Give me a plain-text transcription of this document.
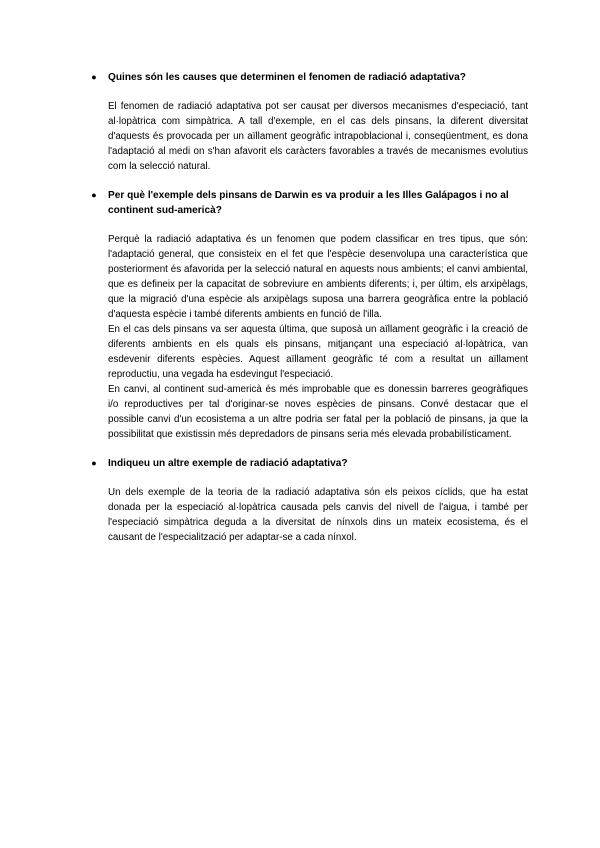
●	Quines són les causes que determinen el fenomen de radiació adaptativa?

El fenomen de radiació adaptativa pot ser causat per diversos mecanismes d'especiació, tant al·lopàtrica com simpàtrica. A tall d'exemple, en el cas dels pinsans, la diferent diversitat d'aquests és provocada per un aïllament geogràfic intrapoblacional i, conseqüentment, es dona l'adaptació al medi on s'han afavorit els caràcters favorables a través de mecanismes evolutius com la selecció natural.

●	Per què l'exemple dels pinsans de Darwin es va produir a les Illes Galápagos i no al continent sud-americà?

Perquè la radiació adaptativa és un fenomen que podem classificar en tres tipus, que són: l'adaptació general, que consisteix en el fet que l'espècie desenvolupa una característica que posteriorment és afavorida per la selecció natural en aquests nous ambients; el canvi ambiental, que es defineix per la capacitat de sobreviure en ambients diferents; i, per últim, els arxipèlags, que la migració d'una espècie als arxipèlags suposa una barrera geogràfica entre la població d'aquesta espècie i també diferents ambients en funció de l'illa.

En el cas dels pinsans va ser aquesta última, que suposà un aïllament geogràfic i la creació de diferents ambients en els quals els pinsans, mitjançant una especiació al·lopàtrica, van esdevenir diferents espècies. Aquest aïllament geogràfic té com a resultat un aïllament reproductiu, una vegada ha esdevingut l'especiació.

En canvi, al continent sud-americà és més improbable que es donessin barreres geogràfiques i/o reproductives per tal d'originar-se noves espècies de pinsans. Convé destacar que el possible canvi d'un ecosistema a un altre podria ser fatal per la població de pinsans, ja que la possibilitat que existissin més depredadors de pinsans seria més elevada probabilísticament.

●	Indiqueu un altre exemple de radiació adaptativa?

Un dels exemple de la teoria de la radiació adaptativa són els peixos cíclids, que ha estat donada per la especiació al·lopàtrica causada pels canvis del nivell de l'aigua, i també per l'especiació simpàtrica deguda a la diversitat de nínxols dins un mateix ecosistema, és el causant de l'especialització per adaptar-se a cada nínxol.
